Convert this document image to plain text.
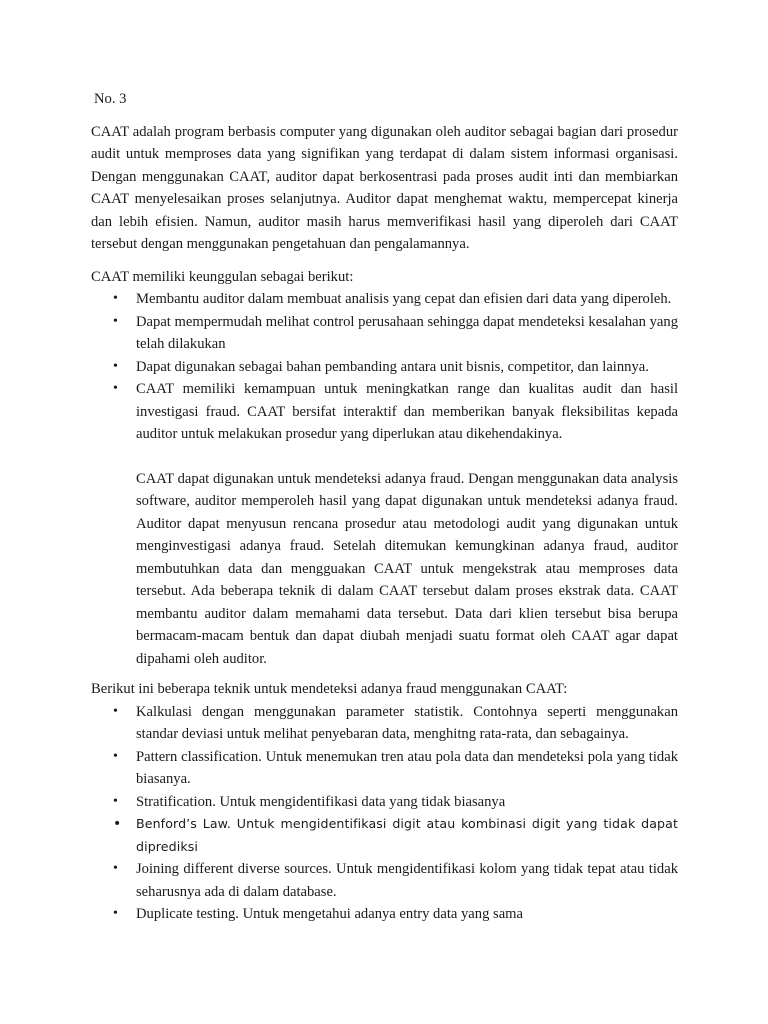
No. 3

CAAT adalah program berbasis computer yang digunakan oleh auditor sebagai bagian dari prosedur audit untuk memproses data yang signifikan yang terdapat di dalam sistem informasi organisasi. Dengan menggunakan CAAT, auditor dapat berkosentrasi pada proses audit inti dan membiarkan CAAT menyelesaikan proses selanjutnya. Auditor dapat menghemat waktu, mempercepat kinerja dan lebih efisien. Namun, auditor masih harus memverifikasi hasil yang diperoleh dari CAAT tersebut dengan menggunakan pengetahuan dan pengalamannya.

CAAT memiliki keunggulan sebagai berikut:

• Membantu auditor dalam membuat analisis yang cepat dan efisien dari data yang diperoleh.
• Dapat mempermudah melihat control perusahaan sehingga dapat mendeteksi kesalahan yang telah dilakukan
• Dapat digunakan sebagai bahan pembanding antara unit bisnis, competitor, dan lainnya.
• CAAT memiliki kemampuan untuk meningkatkan range dan kualitas audit dan hasil investigasi fraud. CAAT bersifat interaktif dan memberikan banyak fleksibilitas kepada auditor untuk melakukan prosedur yang diperlukan atau dikehendakinya.

CAAT dapat digunakan untuk mendeteksi adanya fraud. Dengan menggunakan data analysis software, auditor memperoleh hasil yang dapat digunakan untuk mendeteksi adanya fraud. Auditor dapat menyusun rencana prosedur atau metodologi audit yang digunakan untuk menginvestigasi adanya fraud. Setelah ditemukan kemungkinan adanya fraud, auditor membutuhkan data dan mengguakan CAAT untuk mengekstrak atau memproses data tersebut. Ada beberapa teknik di dalam CAAT tersebut dalam proses ekstrak data. CAAT membantu auditor dalam memahami data tersebut. Data dari klien tersebut bisa berupa bermacam-macam bentuk dan dapat diubah menjadi suatu format oleh CAAT agar dapat dipahami oleh auditor.

Berikut ini beberapa teknik untuk mendeteksi adanya fraud menggunakan CAAT:

• Kalkulasi dengan menggunakan parameter statistik. Contohnya seperti menggunakan standar deviasi untuk melihat penyebaran data, menghitng rata-rata, dan sebagainya.
• Pattern classification. Untuk menemukan tren atau pola data dan mendeteksi pola yang tidak biasanya.
• Stratification. Untuk mengidentifikasi data yang tidak biasanya
• Benford’s Law. Untuk mengidentifikasi digit atau kombinasi digit yang tidak dapat diprediksi
• Joining different diverse sources. Untuk mengidentifikasi kolom yang tidak tepat atau tidak seharusnya ada di dalam database.
• Duplicate testing. Untuk mengetahui adanya entry data yang sama
